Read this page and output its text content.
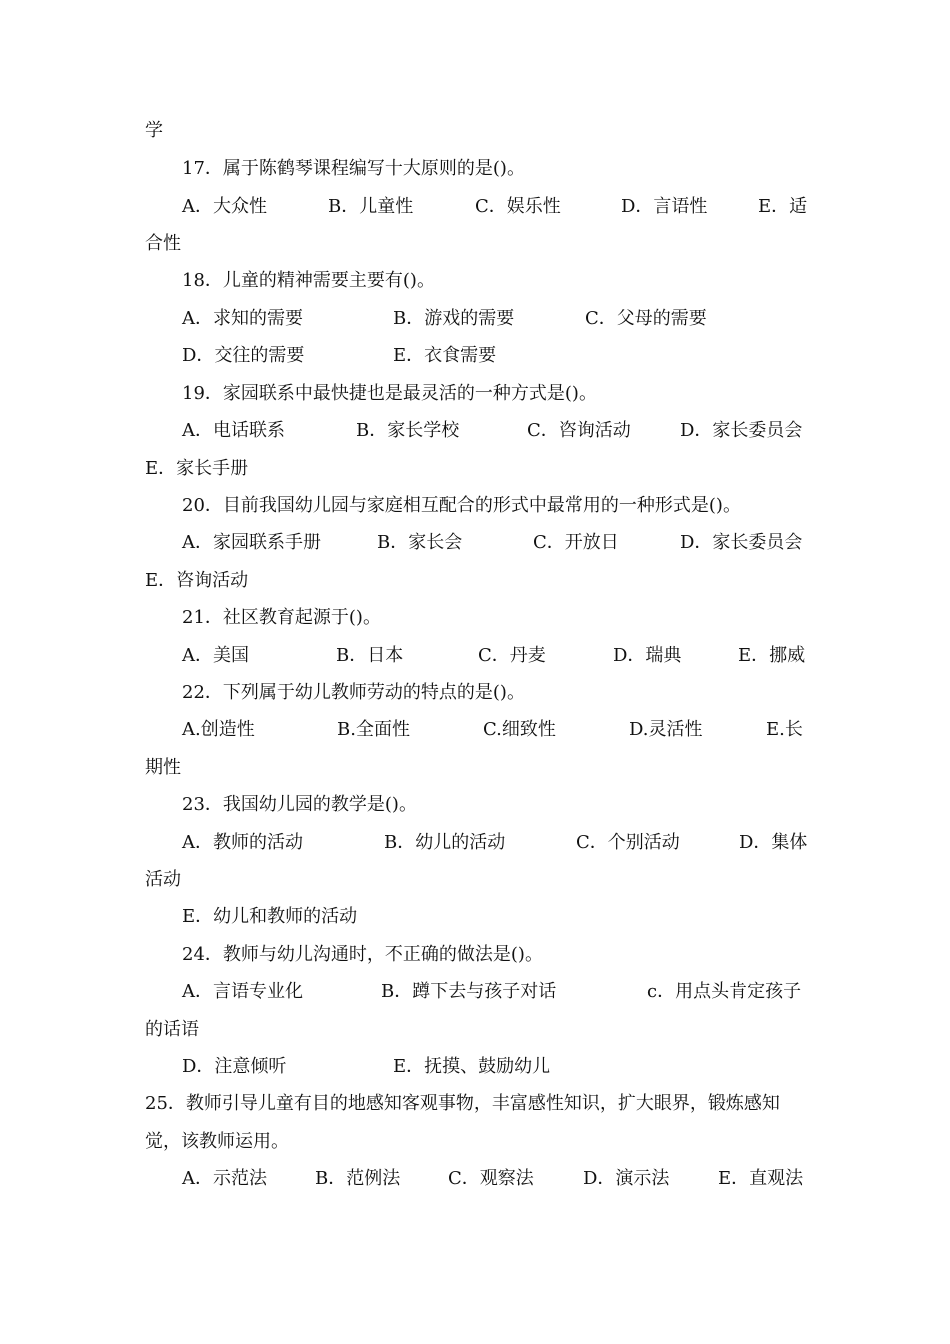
学
17．属于陈鹤琴课程编写十大原则的是()。
A．大众性	B．儿童性	C．娱乐性	D．言语性	E．适
合性
18．儿童的精神需要主要有()。
A．求知的需要	B．游戏的需要	C．父母的需要
D．交往的需要	E．衣食需要
19．家园联系中最快捷也是最灵活的一种方式是()。
A．电话联系	B．家长学校	C．咨询活动	D．家长委员会
E．家长手册
20．目前我国幼儿园与家庭相互配合的形式中最常用的一种形式是()。
A．家园联系手册	B．家长会	C．开放日	D．家长委员会
E．咨询活动
21．社区教育起源于()。
A．美国	B．日本	C．丹麦	D．瑞典	E．挪威
22．下列属于幼儿教师劳动的特点的是()。
A.创造性	B.全面性	C.细致性	D.灵活性	E.长
期性
23．我国幼儿园的教学是()。
A．教师的活动	B．幼儿的活动	C．个别活动	D．集体
活动
E．幼儿和教师的活动
24．教师与幼儿沟通时，不正确的做法是()。
A．言语专业化	B．蹲下去与孩子对话	c．用点头肯定孩子
的话语
D．注意倾听	E．抚摸、鼓励幼儿
25．教师引导儿童有目的地感知客观事物，丰富感性知识，扩大眼界，锻炼感知
觉，该教师运用。
A．示范法	B．范例法	C．观察法	D．演示法	E．直观法
